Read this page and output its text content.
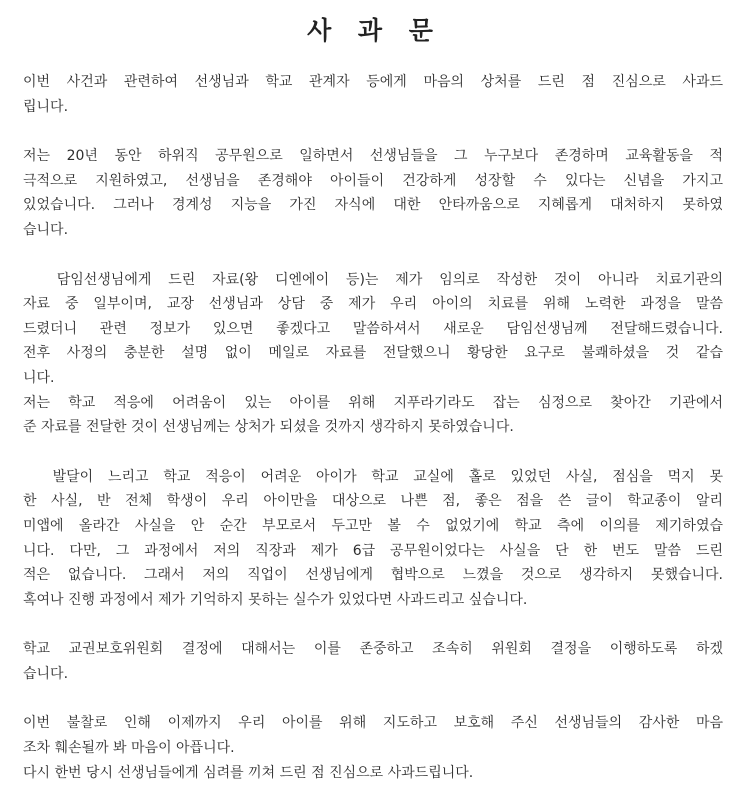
사 과 문

이번 사건과 관련하여 선생님과 학교 관계자 등에게 마음의 상처를 드린 점 진심으로 사과드
립니다.

저는 20년 동안 하위직 공무원으로 일하면서 선생님들을 그 누구보다 존경하며 교육활동을 적
극적으로 지원하였고, 선생님을 존경해야 아이들이 건강하게 성장할 수 있다는 신념을 가지고
있었습니다. 그러나 경계성 지능을 가진 자식에 대한 안타까움으로 지혜롭게 대처하지 못하였
습니다.

담임선생님에게 드린 자료(왕 디엔에이 등)는 제가 임의로 작성한 것이 아니라 치료기관의
자료 중 일부이며, 교장 선생님과 상담 중 제가 우리 아이의 치료를 위해 노력한 과정을 말씀
드렸더니 관련 정보가 있으면 좋겠다고 말씀하셔서 새로운 담임선생님께 전달해드렸습니다.
전후 사정의 충분한 설명 없이 메일로 자료를 전달했으니 황당한 요구로 불쾌하셨을 것 같습
니다.
저는 학교 적응에 어려움이 있는 아이를 위해 지푸라기라도 잡는 심정으로 찾아간 기관에서
준 자료를 전달한 것이 선생님께는 상처가 되셨을 것까지 생각하지 못하였습니다.

발달이 느리고 학교 적응이 어려운 아이가 학교 교실에 홀로 있었던 사실, 점심을 먹지 못
한 사실, 반 전체 학생이 우리 아이만을 대상으로 나쁜 점, 좋은 점을 쓴 글이 학교종이 알리
미앱에 올라간 사실을 안 순간 부모로서 두고만 볼 수 없었기에 학교 측에 이의를 제기하였습
니다. 다만, 그 과정에서 저의 직장과 제가 6급 공무원이었다는 사실을 단 한 번도 말씀 드린
적은 없습니다. 그래서 저의 직업이 선생님에게 협박으로 느꼈을 것으로 생각하지 못했습니다.
혹여나 진행 과정에서 제가 기억하지 못하는 실수가 있었다면 사과드리고 싶습니다.

학교 교권보호위원회 결정에 대해서는 이를 존중하고 조속히 위원회 결정을 이행하도록 하겠
습니다.

이번 불찰로 인해 이제까지 우리 아이를 위해 지도하고 보호해 주신 선생님들의 감사한 마음
조차 훼손될까 봐 마음이 아픕니다.
다시 한번 당시 선생님들에게 심려를 끼쳐 드린 점 진심으로 사과드립니다.
